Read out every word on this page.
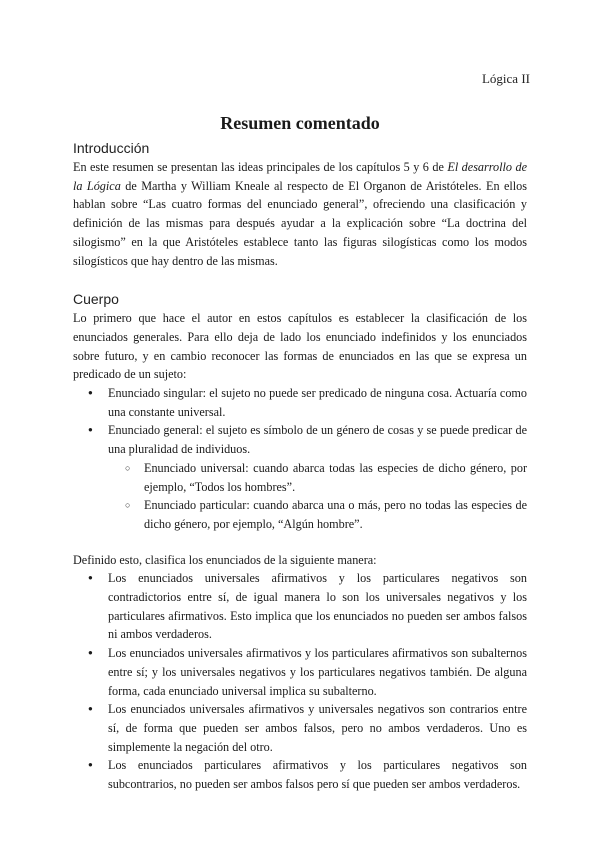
Lógica II
Resumen comentado
Introducción

En este resumen se presentan las ideas principales de los capítulos 5 y 6 de El desarrollo de la Lógica de Martha y William Kneale al respecto de El Organon de Aristóteles. En ellos hablan sobre “Las cuatro formas del enunciado general”, ofreciendo una clasificación y definición de las mismas para después ayudar a la explicación sobre “La doctrina del silogismo” en la que Aristóteles establece tanto las figuras silogísticas como los modos silogísticos que hay dentro de las mismas.

Cuerpo

Lo primero que hace el autor en estos capítulos es establecer la clasificación de los enunciados generales. Para ello deja de lado los enunciado indefinidos y los enunciados sobre futuro, y en cambio reconocer las formas de enunciados en las que se expresa un predicado de un sujeto:

● Enunciado singular: el sujeto no puede ser predicado de ninguna cosa. Actuaría como una constante universal.
● Enunciado general: el sujeto es símbolo de un género de cosas y se puede predicar de una pluralidad de individuos.
○ Enunciado universal: cuando abarca todas las especies de dicho género, por ejemplo, “Todos los hombres”.
○ Enunciado particular: cuando abarca una o más, pero no todas las especies de dicho género, por ejemplo, “Algún hombre”.

Definido esto, clasifica los enunciados de la siguiente manera:

● Los enunciados universales afirmativos y los particulares negativos son contradictorios entre sí, de igual manera lo son los universales negativos y los particulares afirmativos. Esto implica que los enunciados no pueden ser ambos falsos ni ambos verdaderos.
● Los enunciados universales afirmativos y los particulares afirmativos son subalternos entre sí; y los universales negativos y los particulares negativos también. De alguna forma, cada enunciado universal implica su subalterno.
● Los enunciados universales afirmativos y universales negativos son contrarios entre sí, de forma que pueden ser ambos falsos, pero no ambos verdaderos. Uno es simplemente la negación del otro.
● Los enunciados particulares afirmativos y los particulares negativos son subcontrarios, no pueden ser ambos falsos pero sí que pueden ser ambos verdaderos.
